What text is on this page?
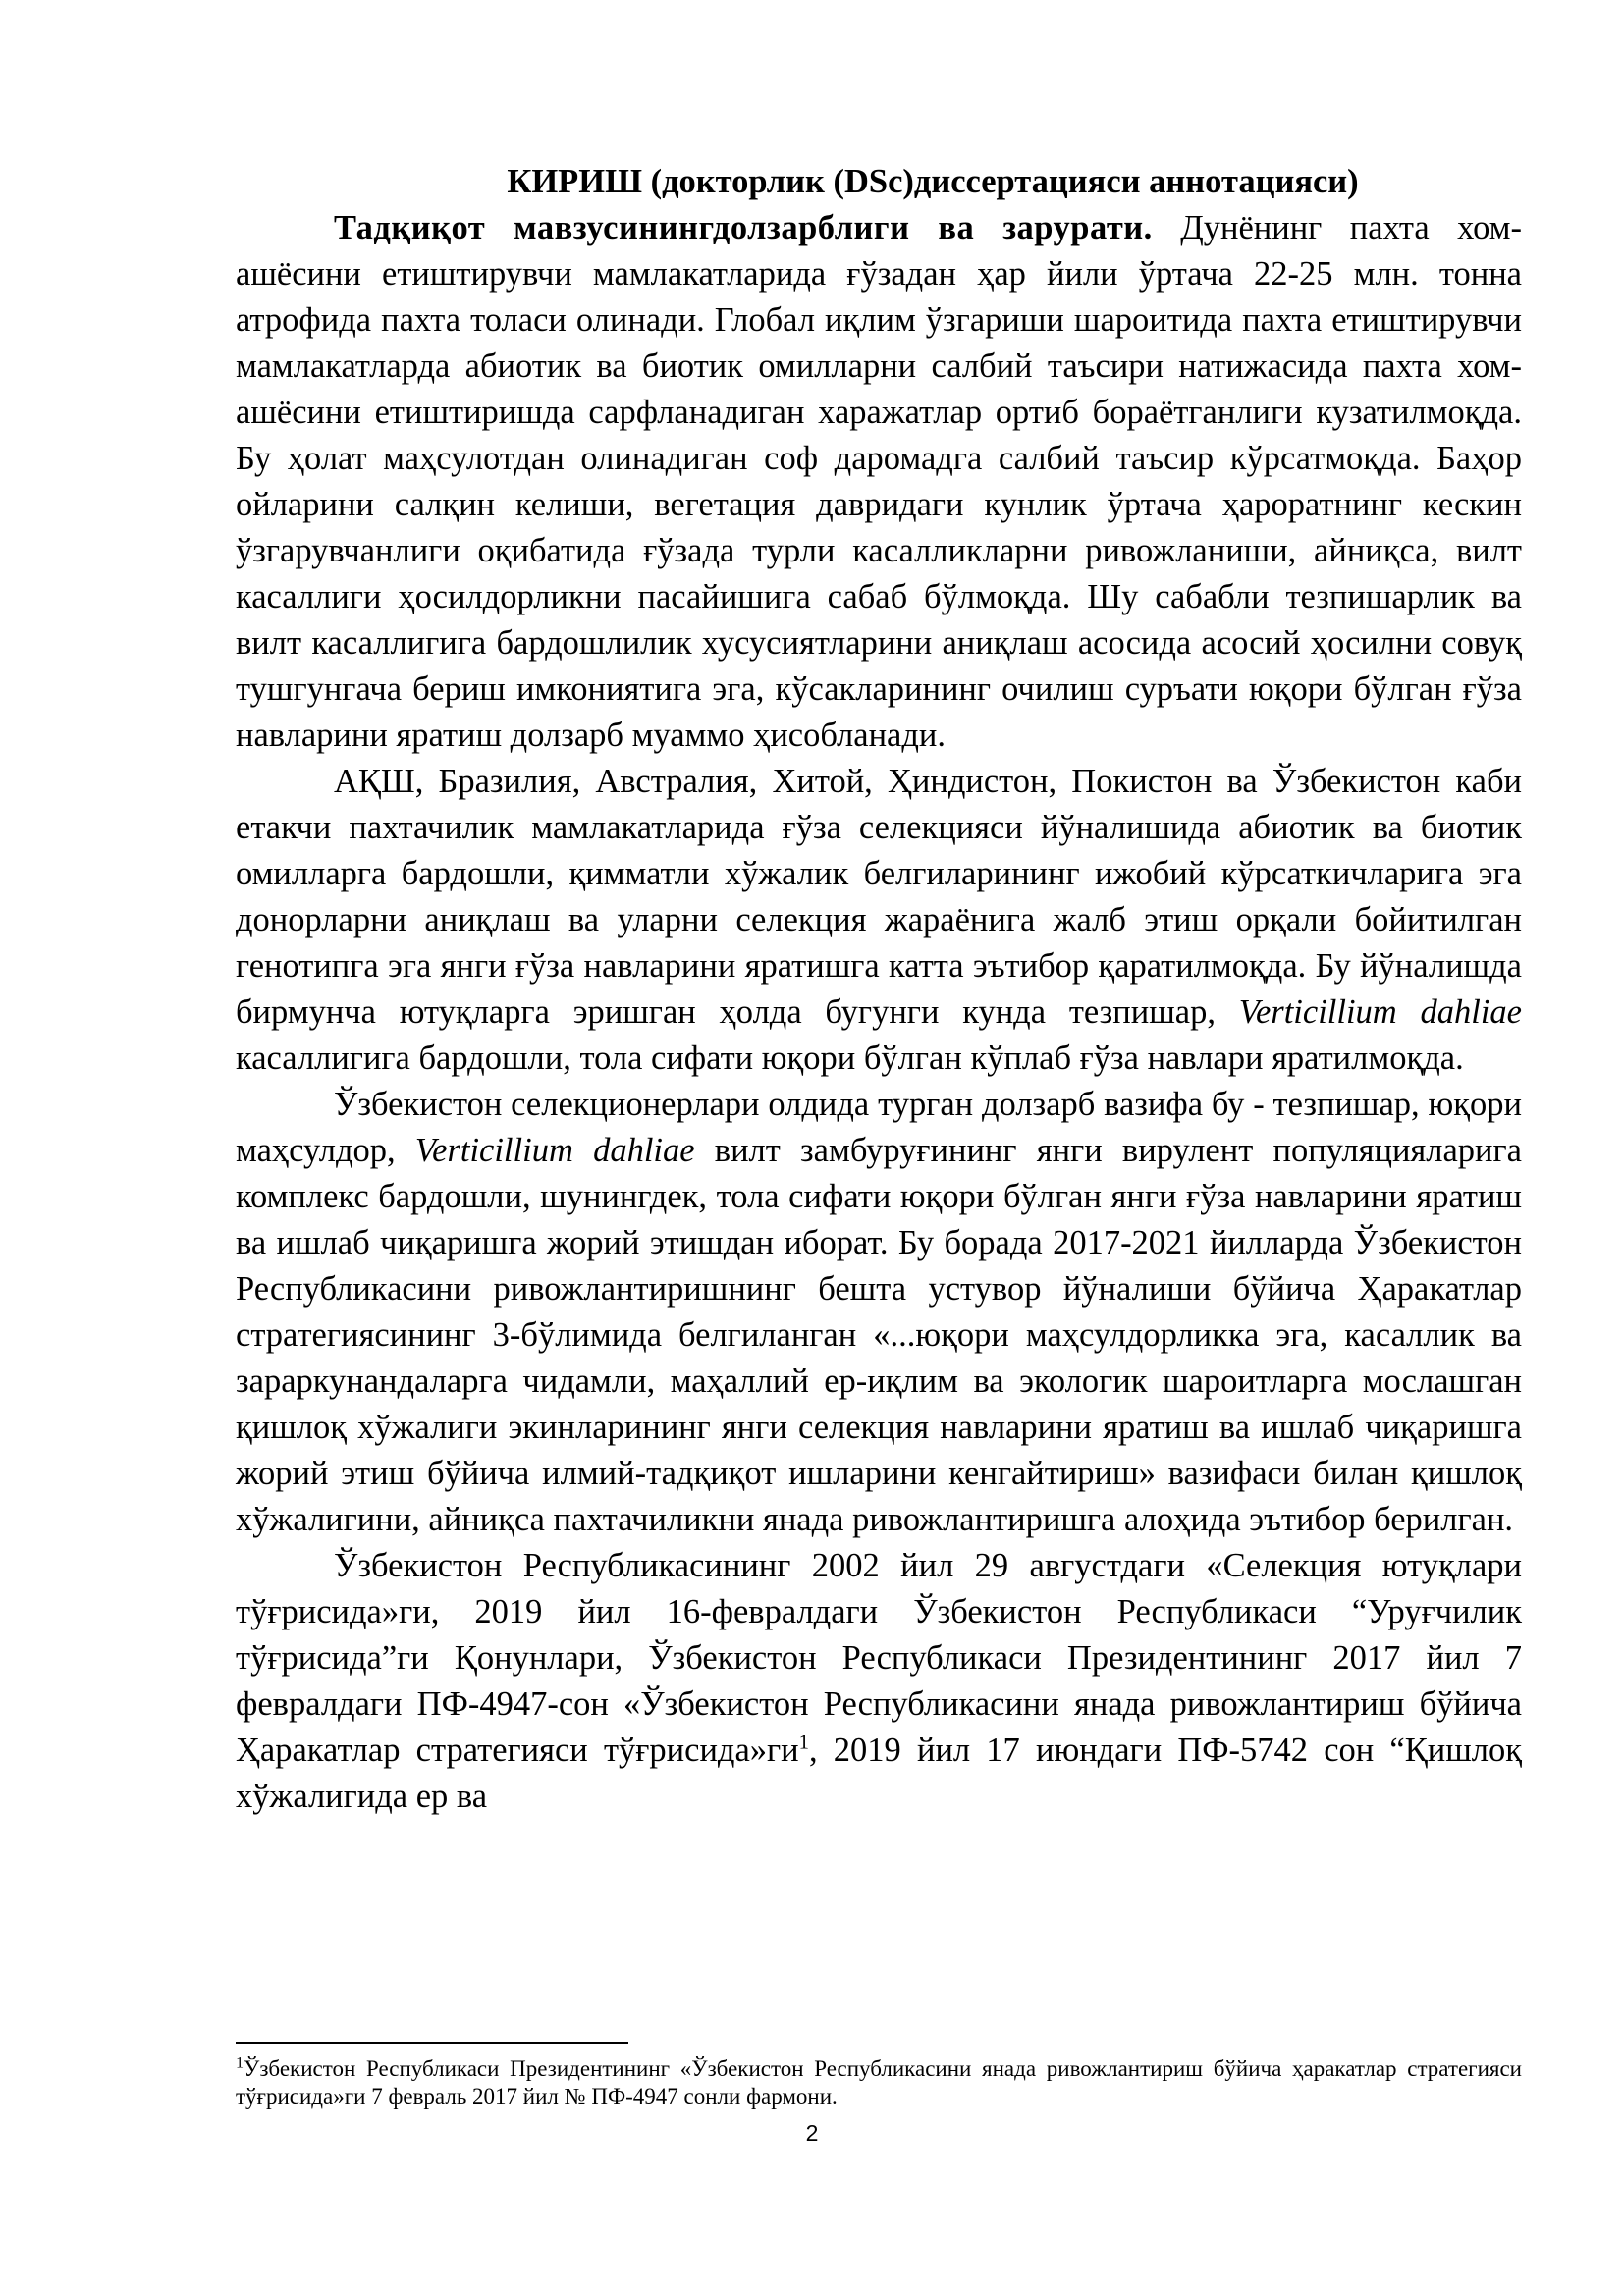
КИРИШ (докторлик (DSc)диссертацияси аннотацияси)

Тадқиқот мавзусинингдолзарблиги ва зарурати. Дунёнинг пахта хом-ашёсини етиштирувчи мамлакатларида ғўзадан ҳар йили ўртача 22-25 млн. тонна атрофида пахта толаси олинади. Глобал иқлим ўзгариши шароитида пахта етиштирувчи мамлакатларда абиотик ва биотик омилларни салбий таъсири натижасида пахта хом-ашёсини етиштиришда сарфланадиган харажатлар ортиб бораётганлиги кузатилмоқда. Бу ҳолат маҳсулотдан олинадиган соф даромадга салбий таъсир кўрсатмоқда. Баҳор ойларини салқин келиши, вегетация давридаги кунлик ўртача ҳароратнинг кескин ўзгарувчанлиги оқибатида ғўзада турли касалликларни ривожланиши, айниқса, вилт касаллиги ҳосилдорликни пасайишига сабаб бўлмоқда. Шу сабабли тезпишарлик ва вилт касаллигига бардошлилик хусусиятларини аниқлаш асосида асосий ҳосилни совуқ тушгунгача бериш имкониятига эга, кўсакларининг очилиш суръати юқори бўлган ғўза навларини яратиш долзарб муаммо ҳисобланади.

АҚШ, Бразилия, Австралия, Хитой, Ҳиндистон, Покистон ва Ўзбекистон каби етакчи пахтачилик мамлакатларида ғўза селекцияси йўналишида абиотик ва биотик омилларга бардошли, қимматли хўжалик белгиларининг ижобий кўрсаткичларига эга донорларни аниқлаш ва уларни селекция жараёнига жалб этиш орқали бойитилган генотипга эга янги ғўза навларини яратишга катта эътибор қаратилмоқда. Бу йўналишда бирмунча ютуқларга эришган ҳолда бугунги кунда тезпишар, Verticillium dahliae касаллигига бардошли, тола сифати юқори бўлган кўплаб ғўза навлари яратилмоқда.

Ўзбекистон селекционерлари олдида турган долзарб вазифа бу - тезпишар, юқори маҳсулдор, Verticillium dahliae вилт замбуруғининг янги вирулент популяцияларига комплекс бардошли, шунингдек, тола сифати юқори бўлган янги ғўза навларини яратиш ва ишлаб чиқаришга жорий этишдан иборат. Бу борада 2017-2021 йилларда Ўзбекистон Республикасини ривожлантиришнинг бешта устувор йўналиши бўйича Ҳаракатлар стратегиясининг 3-бўлимида белгиланган «...юқори маҳсулдорликка эга, касаллик ва зараркунандаларга чидамли, маҳаллий ер-иқлим ва экологик шароитларга мослашган қишлоқ хўжалиги экинларининг янги селекция навларини яратиш ва ишлаб чиқаришга жорий этиш бўйича илмий-тадқиқот ишларини кенгайтириш» вазифаси билан қишлоқ хўжалигини, айниқса пахтачиликни янада ривожлантиришга алоҳида эътибор берилган.

Ўзбекистон Республикасининг 2002 йил 29 августдаги «Селекция ютуқлари тўғрисида»ги, 2019 йил 16-февралдаги Ўзбекистон Республикаси “Уруғчилик тўғрисида”ги Қонунлари, Ўзбекистон Республикаси Президентининг 2017 йил 7 февралдаги ПФ-4947-сон «Ўзбекистон Республикасини янада ривожлантириш бўйича Ҳаракатлар стратегияси $тўғрисида»ги^1$, 2019 йил 17 июндаги ПФ-5742 сон “Қишлоқ хўжалигида ер ва

$^1$Ўзбекистон Республикаси Президентининг «Ўзбекистон Республикасини янада ривожлантириш бўйича ҳаракатлар стратегияси тўғрисида»ги 7 февраль 2017 йил № ПФ-4947 сонли фармони.
2
